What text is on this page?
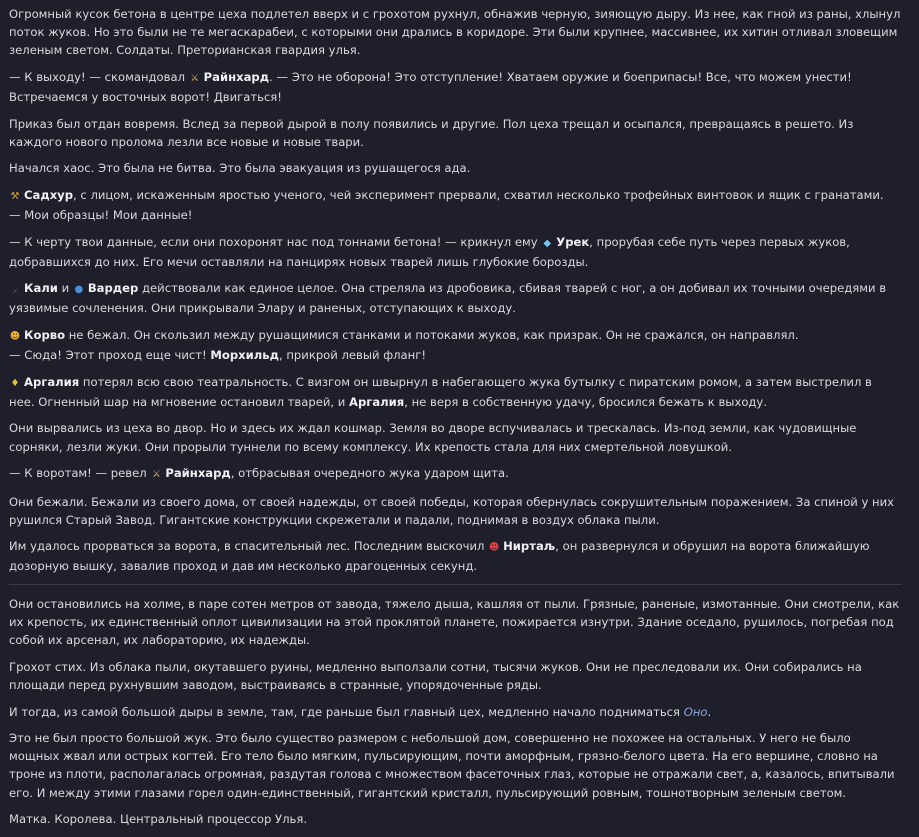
Огромный кусок бетона в центре цеха подлетел вверх и с грохотом рухнул, обнажив черную, зияющую дыру. Из нее, как гной из раны, хлынул поток жуков. Но это были не те мегаскарабеи, с которыми они дрались в коридоре. Эти были крупнее, массивнее, их хитин отливал зловещим зеленым светом. Солдаты. Преторианская гвардия улья.

— К выходу! — скомандовал ⚔ Райнхард. — Это не оборона! Это отступление! Хватаем оружие и боеприпасы! Все, что можем унести! Встречаемся у восточных ворот! Двигаться!

Приказ был отдан вовремя. Вслед за первой дырой в полу появились и другие. Пол цеха трещал и осыпался, превращаясь в решето. Из каждого нового пролома лезли все новые и новые твари.

Начался хаос. Это была не битва. Это была эвакуация из рушащегося ада.

⚒ Садхур, с лицом, искаженным яростью ученого, чей эксперимент прервали, схватил несколько трофейных винтовок и ящик с гранатами.
— Мои образцы! Мои данные!

— К черту твои данные, если они похоронят нас под тоннами бетона! — крикнул ему ◆ Урек, прорубая себе путь через первых жуков, добравшихся до них. Его мечи оставляли на панцирях новых тварей лишь глубокие борозды.

⸝ Кали и ● Вардер действовали как единое целое. Она стреляла из дробовика, сбивая тварей с ног, а он добивал их точными очередями в уязвимые сочленения. Они прикрывали Элару и раненых, отступающих к выходу.

☻ Корво не бежал. Он скользил между рушащимися станками и потоками жуков, как призрак. Он не сражался, он направлял.
— Сюда! Этот проход еще чист! Морхильд, прикрой левый фланг!

♦ Аргалия потерял всю свою театральность. С визгом он швырнул в набегающего жука бутылку с пиратским ромом, а затем выстрелил в нее. Огненный шар на мгновение остановил тварей, и Аргалия, не веря в собственную удачу, бросился бежать к выходу.

Они вырвались из цеха во двор. Но и здесь их ждал кошмар. Земля во дворе вспучивалась и трескалась. Из-под земли, как чудовищные сорняки, лезли жуки. Они прорыли туннели по всему комплексу. Их крепость стала для них смертельной ловушкой.

— К воротам! — ревел ⚔ Райнхард, отбрасывая очередного жука ударом щита.

Они бежали. Бежали из своего дома, от своей надежды, от своей победы, которая обернулась сокрушительным поражением. За спиной у них рушился Старый Завод. Гигантские конструкции скрежетали и падали, поднимая в воздух облака пыли.

Им удалось прорваться за ворота, в спасительный лес. Последним выскочил ☻ Ниртаљ, он развернулся и обрушил на ворота ближайшую дозорную вышку, завалив проход и дав им несколько драгоценных секунд.

Они остановились на холме, в паре сотен метров от завода, тяжело дыша, кашляя от пыли. Грязные, раненые, измотанные. Они смотрели, как их крепость, их единственный оплот цивилизации на этой проклятой планете, пожирается изнутри. Здание оседало, рушилось, погребая под собой их арсенал, их лабораторию, их надежды.

Грохот стих. Из облака пыли, окутавшего руины, медленно выползали сотни, тысячи жуков. Они не преследовали их. Они собирались на площади перед рухнувшим заводом, выстраиваясь в странные, упорядоченные ряды.

И тогда, из самой большой дыры в земле, там, где раньше был главный цех, медленно начало подниматься Оно.

Это не был просто большой жук. Это было существо размером с небольшой дом, совершенно не похожее на остальных. У него не было мощных жвал или острых когтей. Его тело было мягким, пульсирующим, почти аморфным, грязно-белого цвета. На его вершине, словно на троне из плоти, располагалась огромная, раздутая голова с множеством фасеточных глаз, которые не отражали свет, а, казалось, впитывали его. И между этими глазами горел один-единственный, гигантский кристалл, пульсирующий ровным, тошнотворным зеленым светом.

Матка. Королева. Центральный процессор Улья.
